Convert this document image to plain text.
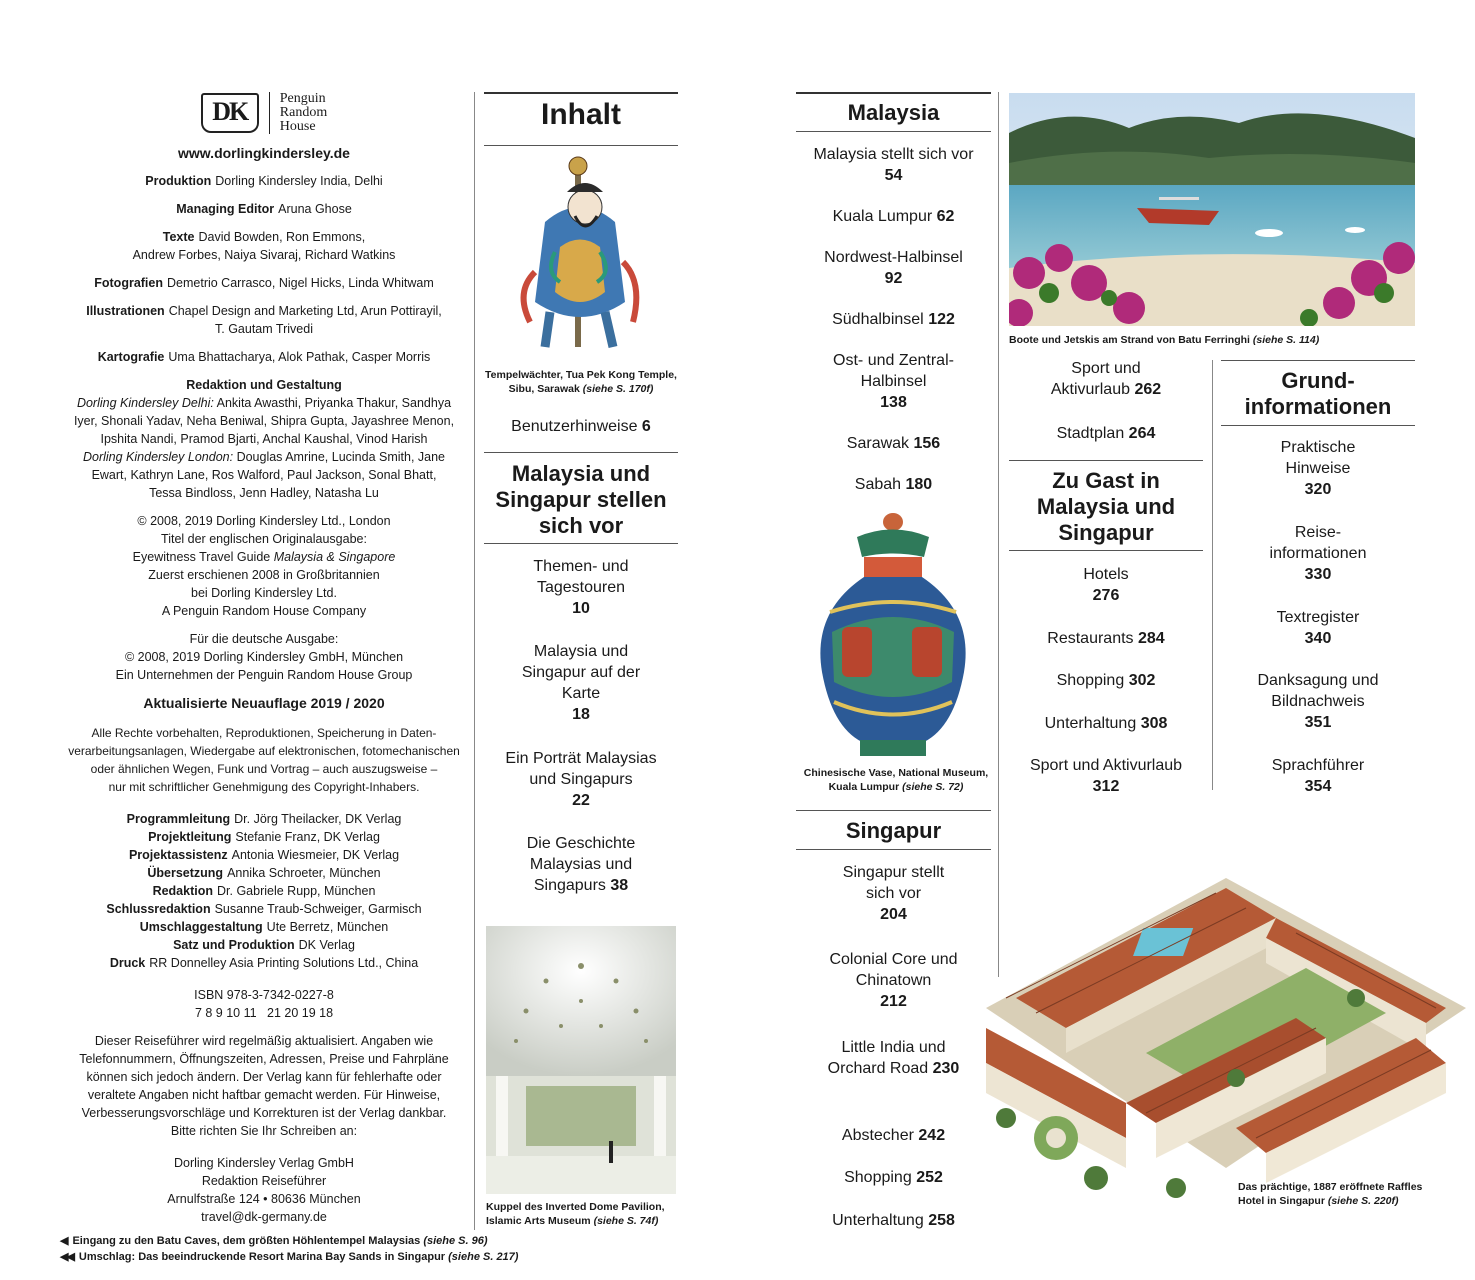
DK	Penguin
Random
House
www.dorlingkindersley.de
Produktion Dorling Kindersley India, Delhi
Managing Editor Aruna Ghose
Texte David Bowden, Ron Emmons,
Andrew Forbes, Naiya Sivaraj, Richard Watkins
Fotografien Demetrio Carrasco, Nigel Hicks, Linda Whitwam
Illustrationen Chapel Design and Marketing Ltd, Arun Pottirayil,
T. Gautam Trivedi
Kartografie Uma Bhattacharya, Alok Pathak, Casper Morris
Redaktion und Gestaltung
Dorling Kindersley Delhi: Ankita Awasthi, Priyanka Thakur, Sandhya
Iyer, Shonali Yadav, Neha Beniwal, Shipra Gupta, Jayashree Menon,
Ipshita Nandi, Pramod Bjarti, Anchal Kaushal, Vinod Harish
Dorling Kindersley London: Douglas Amrine, Lucinda Smith, Jane
Ewart, Kathryn Lane, Ros Walford, Paul Jackson, Sonal Bhatt,
Tessa Bindloss, Jenn Hadley, Natasha Lu
© 2008, 2019 Dorling Kindersley Ltd., London
Titel der englischen Originalausgabe:
Eyewitness Travel Guide Malaysia & Singapore
Zuerst erschienen 2008 in Großbritannien
bei Dorling Kindersley Ltd.
A Penguin Random House Company
Für die deutsche Ausgabe:
© 2008, 2019 Dorling Kindersley GmbH, München
Ein Unternehmen der Penguin Random House Group
Aktualisierte Neuauflage 2019 / 2020
Alle Rechte vorbehalten, Reproduktionen, Speicherung in Daten-
verarbeitungsanlagen, Wiedergabe auf elektronischen, fotomechanischen
oder ähnlichen Wegen, Funk und Vortrag – auch auszugsweise –
nur mit schriftlicher Genehmigung des Copyright-Inhabers.
Programmleitung Dr. Jörg Theilacker, DK Verlag
Projektleitung Stefanie Franz, DK Verlag
Projektassistenz Antonia Wiesmeier, DK Verlag
Übersetzung Annika Schroeter, München
Redaktion Dr. Gabriele Rupp, München
Schlussredaktion Susanne Traub-Schweiger, Garmisch
Umschlaggestaltung Ute Berretz, München
Satz und Produktion DK Verlag
Druck RR Donnelley Asia Printing Solutions Ltd., China
ISBN 978-3-7342-0227-8
7 8 9 10 11   21 20 19 18
Dieser Reiseführer wird regelmäßig aktualisiert. Angaben wie
Telefonnummern, Öffnungszeiten, Adressen, Preise und Fahrpläne
können sich jedoch ändern. Der Verlag kann für fehlerhafte oder
veraltete Angaben nicht haftbar gemacht werden. Für Hinweise,
Verbesserungsvorschläge und Korrekturen ist der Verlag dankbar.
Bitte richten Sie Ihr Schreiben an:
Dorling Kindersley Verlag GmbH
Redaktion Reiseführer
Arnulfstraße 124 • 80636 München
travel@dk-germany.de
◀ Eingang zu den Batu Caves, dem größten Höhlentempel Malaysias (siehe S. 96)
◀◀ Umschlag: Das beeindruckende Resort Marina Bay Sands in Singapur (siehe S. 217)
Inhalt
Tempelwächter, Tua Pek Kong Temple, Sibu, Sarawak (siehe S. 170f)
Benutzerhinweise 6
Malaysia und Singapur stellen sich vor
Themen- und Tagestouren
10
Malaysia und Singapur auf der Karte
18
Ein Porträt Malaysias und Singapurs
22
Die Geschichte Malaysias und Singapurs 38
Kuppel des Inverted Dome Pavilion, Islamic Arts Museum (siehe S. 74f)
Malaysia
Malaysia stellt sich vor 54
Kuala Lumpur 62
Nordwest-Halbinsel
92
Südhalbinsel 122
Ost- und Zentral-Halbinsel
138
Sarawak 156
Sabah 180
Chinesische Vase, National Museum, Kuala Lumpur (siehe S. 72)
Singapur
Singapur stellt sich vor
204
Colonial Core und Chinatown
212
Little India und Orchard Road 230
Abstecher 242
Shopping 252
Unterhaltung 258
Boote und Jetskis am Strand von Batu Ferringhi (siehe S. 114)
Sport und Aktivurlaub 262
Stadtplan 264
Zu Gast in Malaysia und Singapur
Hotels
276
Restaurants 284
Shopping 302
Unterhaltung 308
Sport und Aktivurlaub
312
Grund- informationen
Praktische Hinweise
320
Reise- informationen
330
Textregister
340
Danksagung und Bildnachweis
351
Sprachführer
354
Das prächtige, 1887 eröffnete Raffles Hotel in Singapur (siehe S. 220f)
